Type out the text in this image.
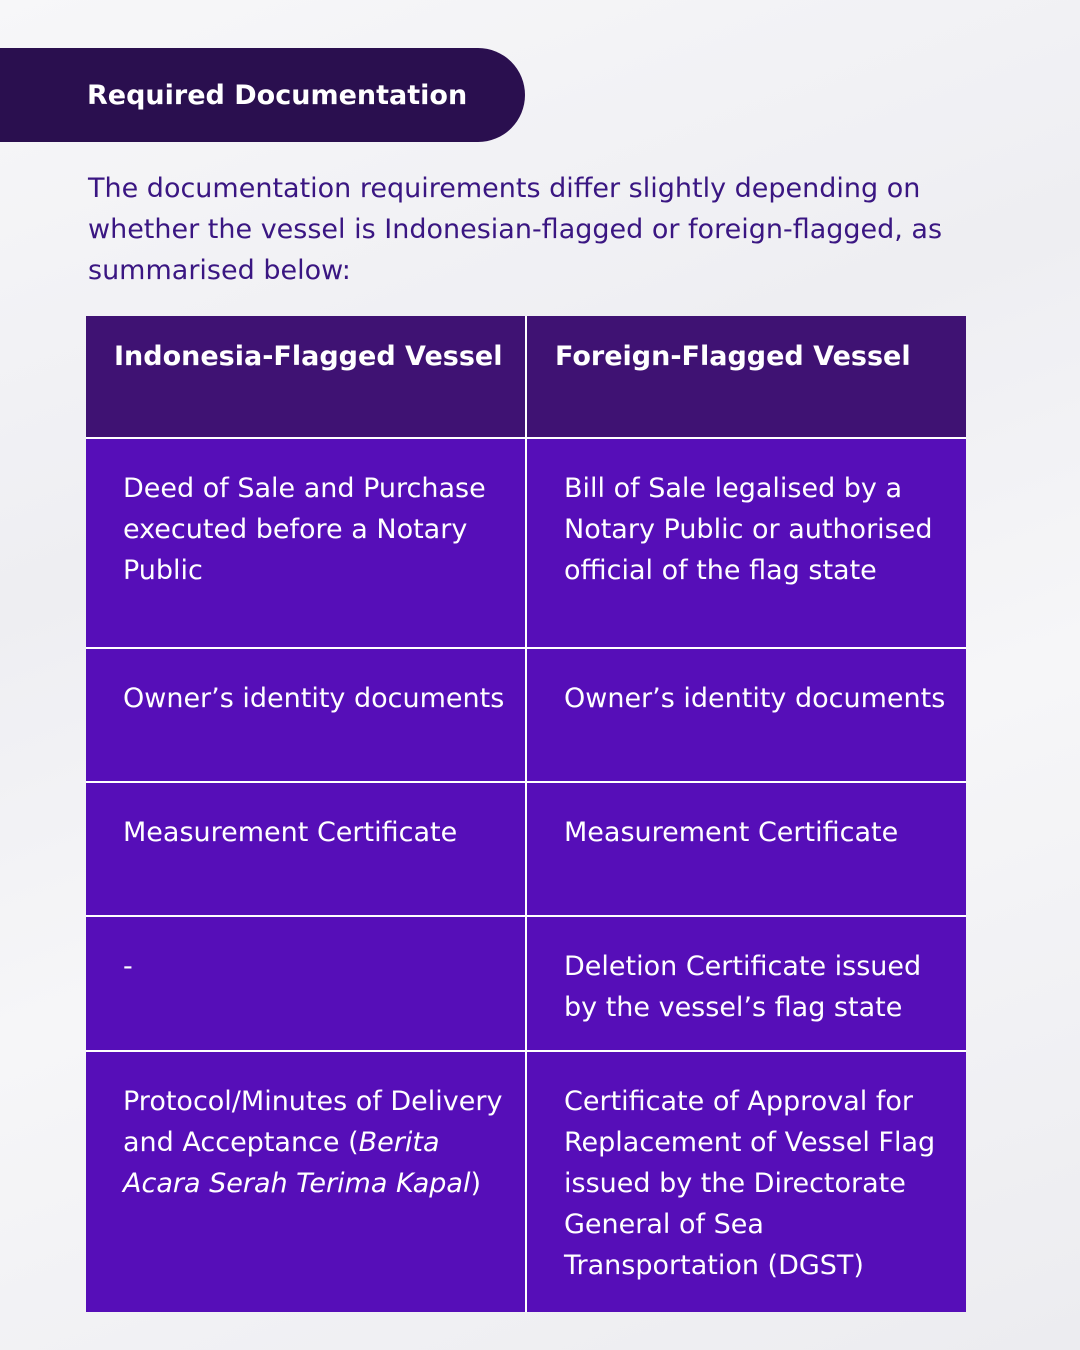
Required Documentation

The documentation requirements differ slightly depending on whether the vessel is Indonesian-flagged or foreign-flagged, as summarised below:

Indonesia-Flagged Vessel	Foreign-Flagged Vessel
Deed of Sale and Purchase executed before a Notary Public	Bill of Sale legalised by a Notary Public or authorised official of the flag state
Owner’s identity documents	Owner’s identity documents
Measurement Certificate	Measurement Certificate
-	Deletion Certificate issued by the vessel’s flag state
Protocol/Minutes of Delivery and Acceptance (Berita Acara Serah Terima Kapal)	Certificate of Approval for Replacement of Vessel Flag issued by the Directorate General of Sea Transportation (DGST)
